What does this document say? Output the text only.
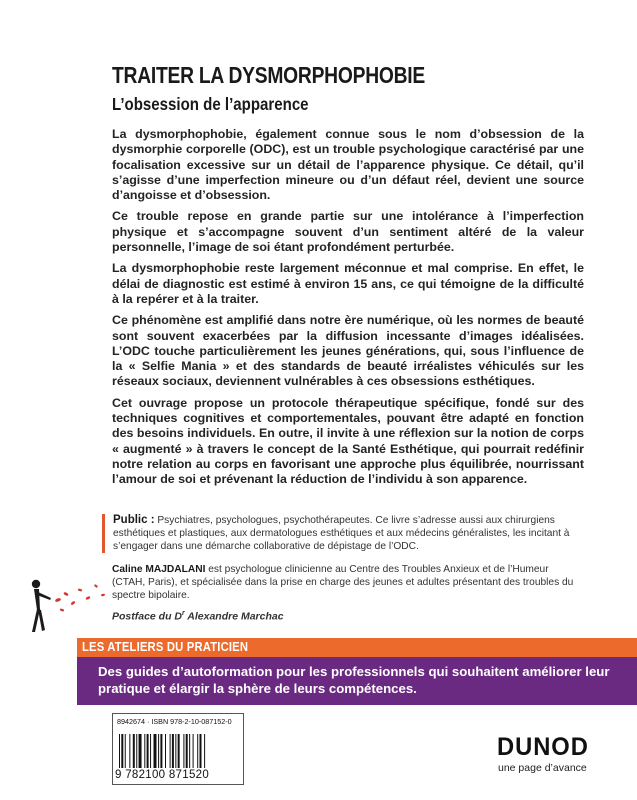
TRAITER LA DYSMORPHOPHOBIE
L’obsession de l’apparence

La dysmorphophobie, également connue sous le nom d’obsession de la dysmorphie corporelle (ODC), est un trouble psychologique caractérisé par une focalisation excessive sur un détail de l’apparence physique. Ce détail, qu’il s’agisse d’une imperfection mineure ou d’un défaut réel, devient une source d’angoisse et d’obsession.

Ce trouble repose en grande partie sur une intolérance à l’imperfection physique et s’accompagne souvent d’un sentiment altéré de la valeur personnelle, l’image de soi étant profondément perturbée.

La dysmorphophobie reste largement méconnue et mal comprise. En effet, le délai de diagnostic est estimé à environ 15 ans, ce qui témoigne de la difficulté à la repérer et à la traiter.

Ce phénomène est amplifié dans notre ère numérique, où les normes de beauté sont souvent exacerbées par la diffusion incessante d’images idéalisées. L’ODC touche particulièrement les jeunes générations, qui, sous l’influence de la « Selfie Mania » et des standards de beauté irréalistes véhiculés sur les réseaux sociaux, deviennent vulnérables à ces obsessions esthétiques.

Cet ouvrage propose un protocole thérapeutique spécifique, fondé sur des techniques cognitives et comportementales, pouvant être adapté en fonction des besoins individuels. En outre, il invite à une réflexion sur la notion de corps « augmenté » à travers le concept de la Santé Esthétique, qui pourrait redéfinir notre relation au corps en favorisant une approche plus équilibrée, nourrissant l’amour de soi et prévenant la réduction de l’individu à son apparence.

Public : Psychiatres, psychologues, psychothérapeutes. Ce livre s’adresse aussi aux chirurgiens esthétiques et plastiques, aux dermatologues esthétiques et aux médecins généralistes, les incitant à s’engager dans une démarche collaborative de dépistage de l’ODC.
Caline MAJDALANI est psychologue clinicienne au Centre des Troubles Anxieux et de l’Humeur (CTAH, Paris), et spécialisée dans la prise en charge des jeunes et adultes présentant des troubles du spectre bipolaire.
Postface du $D^r$ Alexandre Marchac
LES ATELIERS DU PRATICIEN
Des guides d’autoformation pour les professionnels qui souhaitent améliorer leur pratique et élargir la sphère de leurs compétences.
8942674 · ISBN 978-2-10-087152-0
9 782100 871520
DUNOD
une page d’avance
